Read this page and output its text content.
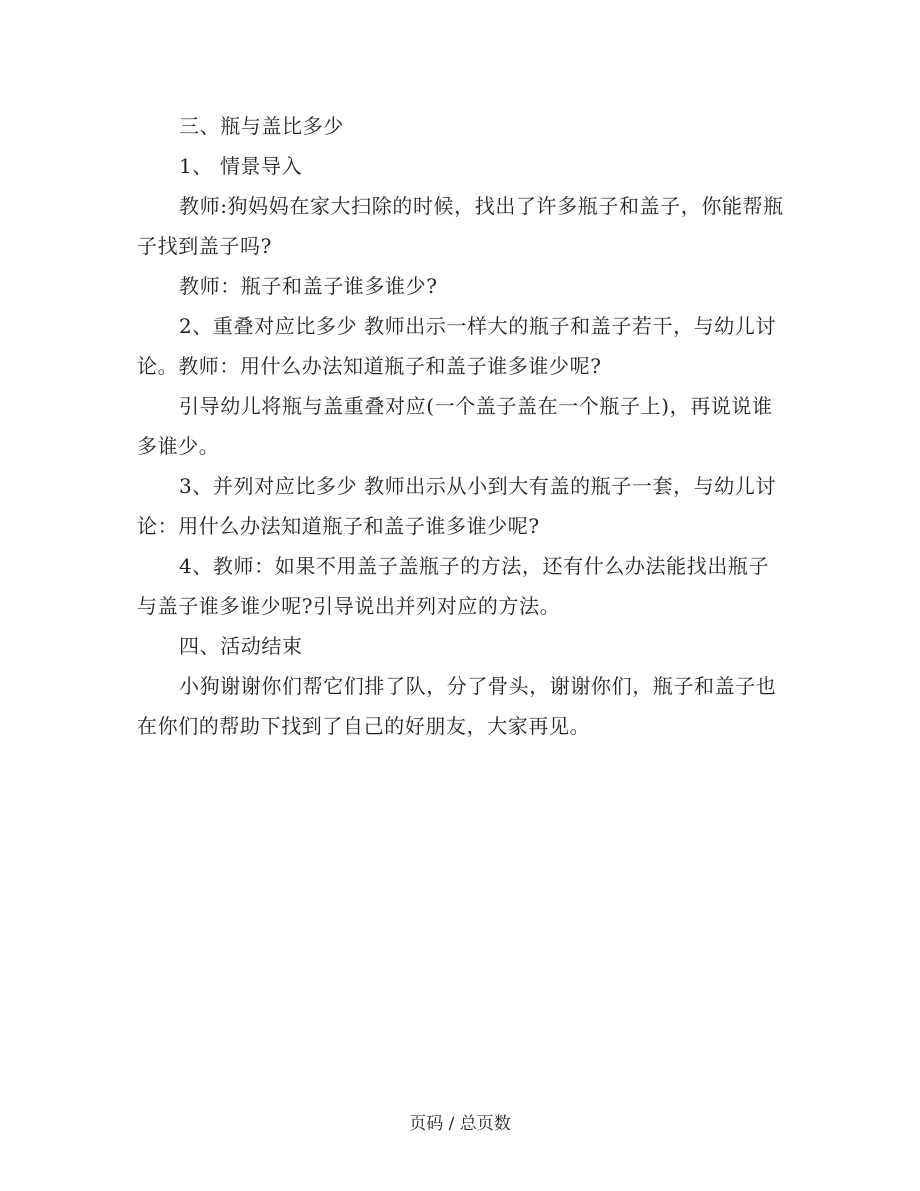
三、瓶与盖比多少

1、 情景导入

教师:狗妈妈在家大扫除的时候，找出了许多瓶子和盖子，你能帮瓶子找到盖子吗?

教师：瓶子和盖子谁多谁少?

2、重叠对应比多少 教师出示一样大的瓶子和盖子若干，与幼儿讨论。教师：用什么办法知道瓶子和盖子谁多谁少呢?

引导幼儿将瓶与盖重叠对应(一个盖子盖在一个瓶子上)，再说说谁多谁少。

3、并列对应比多少 教师出示从小到大有盖的瓶子一套，与幼儿讨论：用什么办法知道瓶子和盖子谁多谁少呢?

4、教师：如果不用盖子盖瓶子的方法，还有什么办法能找出瓶子与盖子谁多谁少呢?引导说出并列对应的方法。

四、活动结束

小狗谢谢你们帮它们排了队，分了骨头，谢谢你们，瓶子和盖子也在你们的帮助下找到了自己的好朋友，大家再见。

页码 / 总页数
